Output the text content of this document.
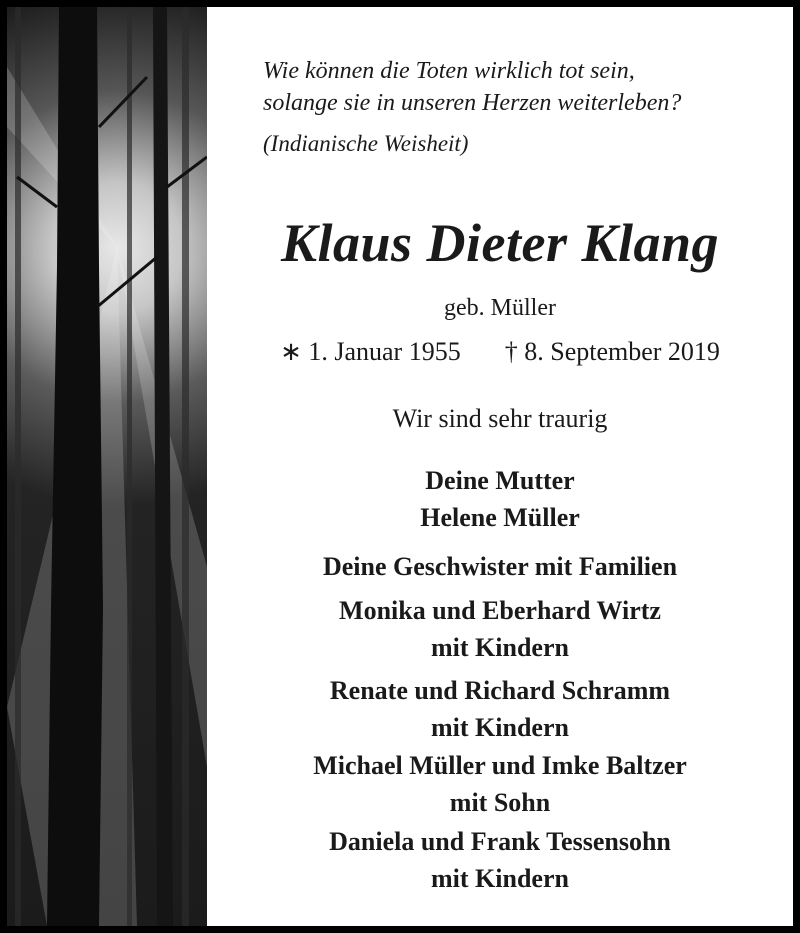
Wie können die Toten wirklich tot sein,
solange sie in unseren Herzen weiterleben?
(Indianische Weisheit)
Klaus Dieter Klang
geb. Müller
∗ 1. Januar 1955 † 8. September 2019
Wir sind sehr traurig
Deine Mutter
Helene Müller
Deine Geschwister mit Familien
Monika und Eberhard Wirtz
mit Kindern
Renate und Richard Schramm
mit Kindern
Michael Müller und Imke Baltzer
mit Sohn
Daniela und Frank Tessensohn
mit Kindern
